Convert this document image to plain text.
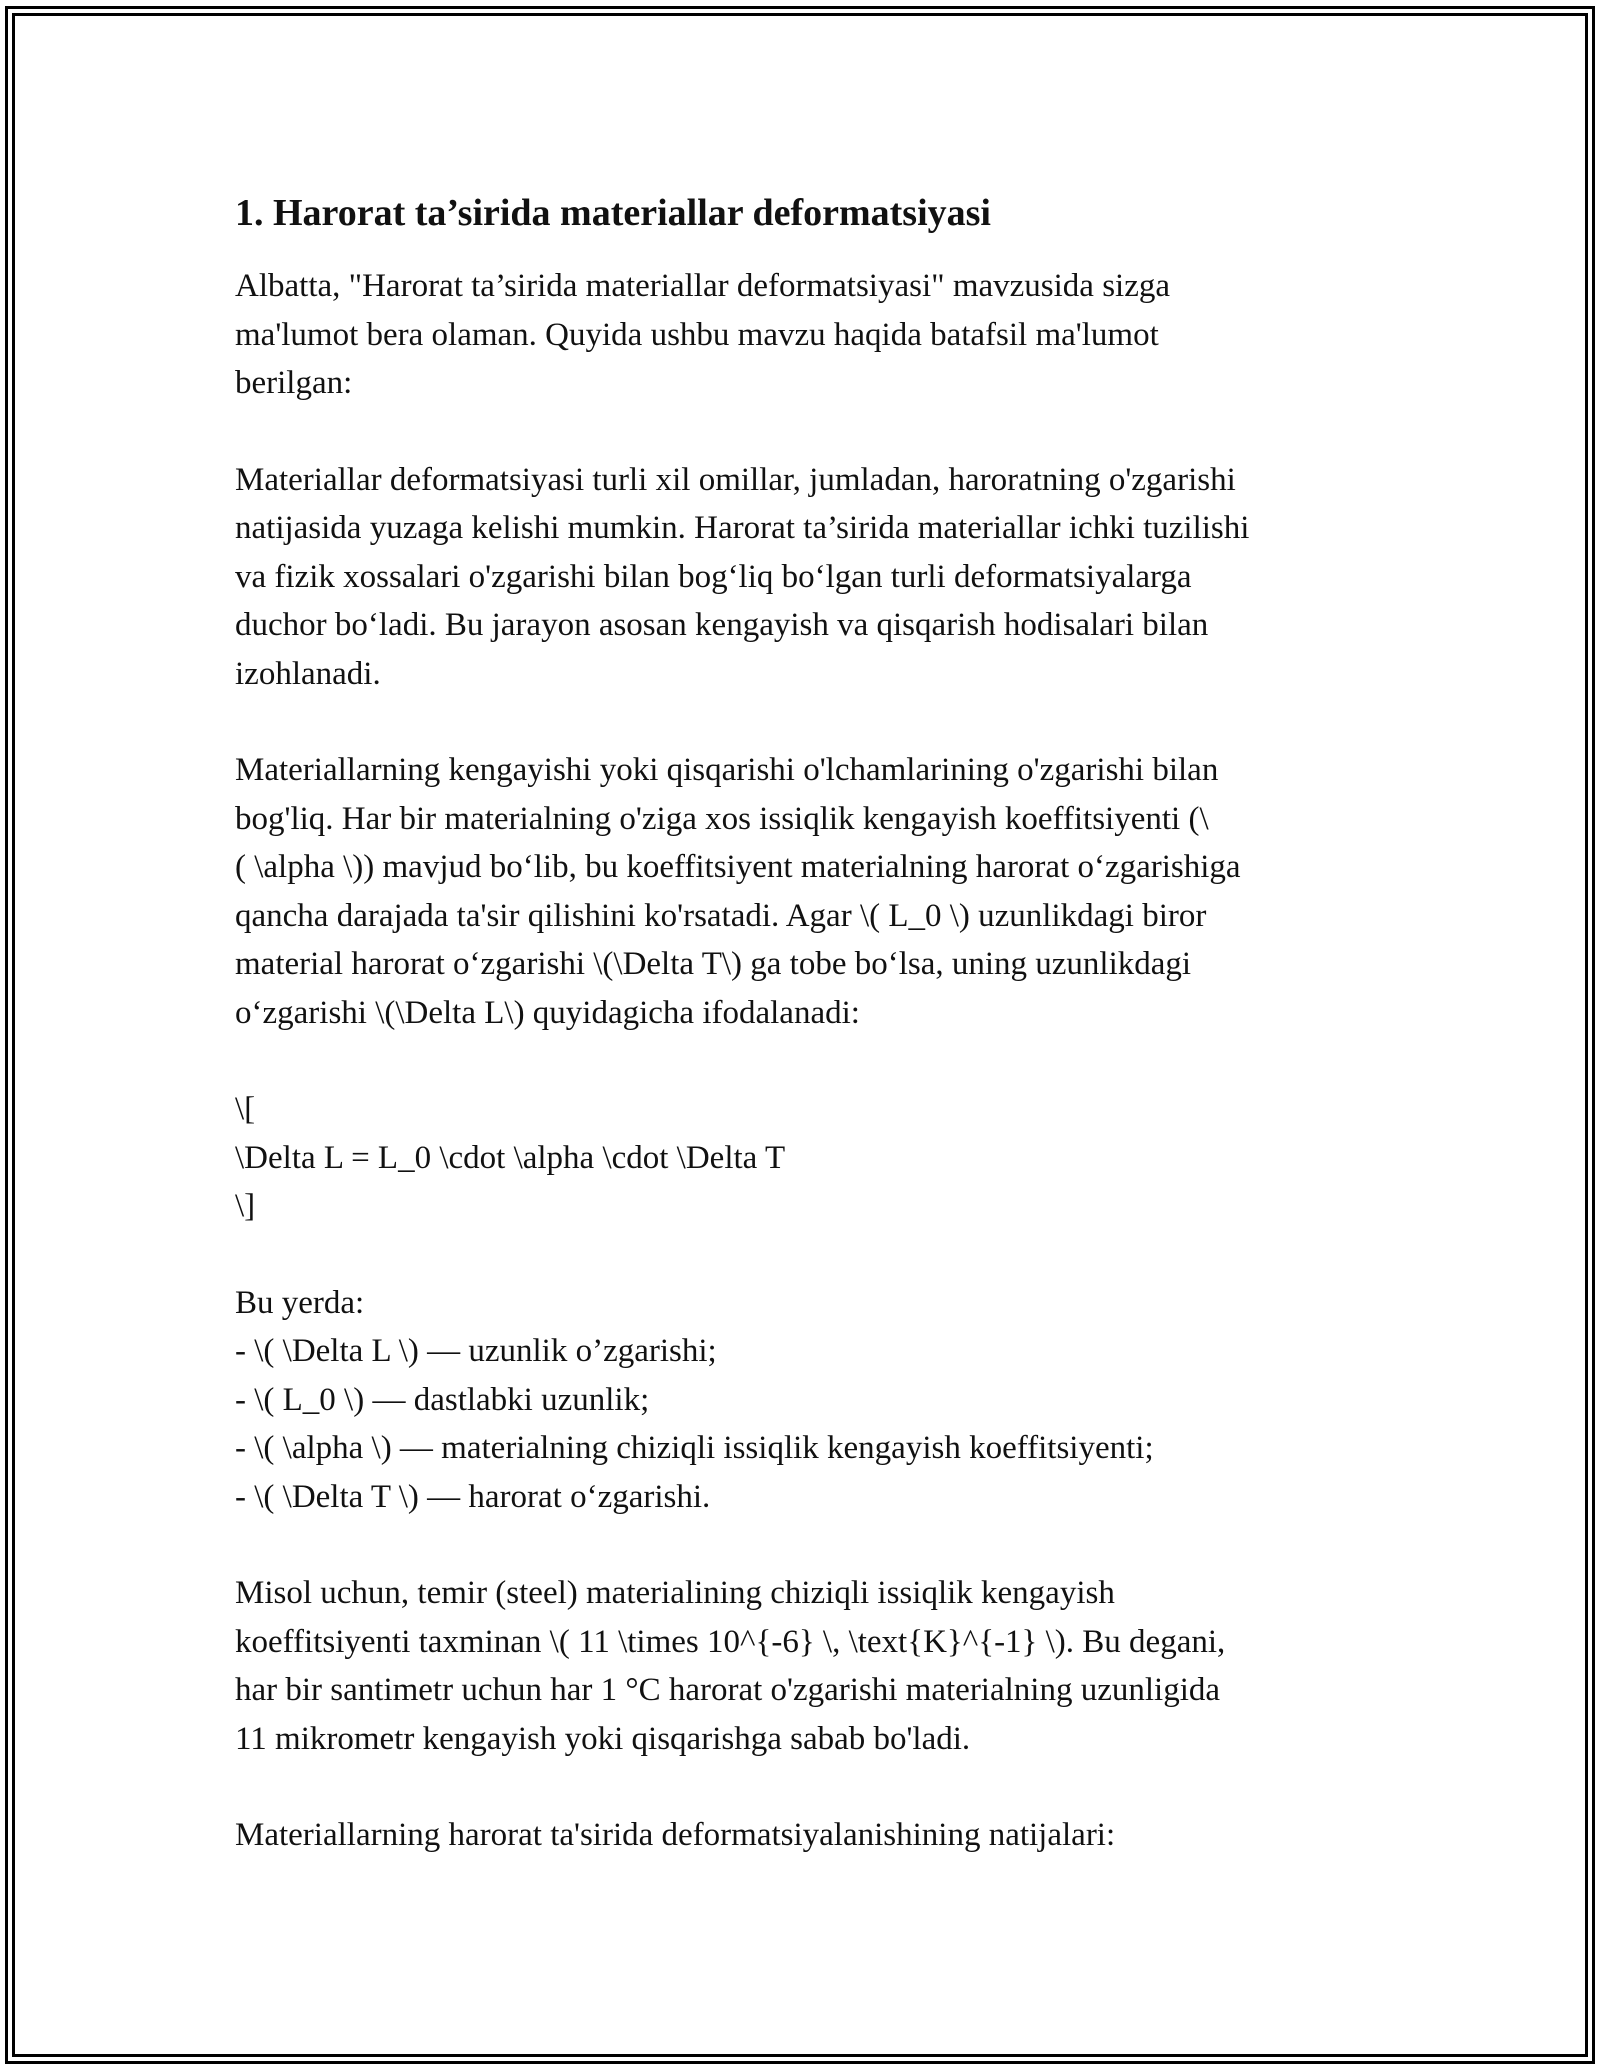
1. Harorat ta’sirida materiallar deformatsiyasi

Albatta, "Harorat ta’sirida materiallar deformatsiyasi" mavzusida sizga
ma'lumot bera olaman. Quyida ushbu mavzu haqida batafsil ma'lumot
berilgan:

Materiallar deformatsiyasi turli xil omillar, jumladan, haroratning o'zgarishi
natijasida yuzaga kelishi mumkin. Harorat ta’sirida materiallar ichki tuzilishi
va fizik xossalari o'zgarishi bilan bog‘liq bo‘lgan turli deformatsiyalarga
duchor bo‘ladi. Bu jarayon asosan kengayish va qisqarish hodisalari bilan
izohlanadi.

Materiallarning kengayishi yoki qisqarishi o'lchamlarining o'zgarishi bilan
bog'liq. Har bir materialning o'ziga xos issiqlik kengayish koeffitsiyenti (\
( \alpha \)) mavjud bo‘lib, bu koeffitsiyent materialning harorat o‘zgarishiga
qancha darajada ta'sir qilishini ko'rsatadi. Agar \( L_0 \) uzunlikdagi biror
material harorat o‘zgarishi \(\Delta T\) ga tobe bo‘lsa, uning uzunlikdagi
o‘zgarishi \(\Delta L\) quyidagicha ifodalanadi:

\[
\Delta L = L_0 \cdot \alpha \cdot \Delta T
\]
Bu yerda:
- \( \Delta L \) — uzunlik o’zgarishi;
- \( L_0 \) — dastlabki uzunlik;
- \( \alpha \) — materialning chiziqli issiqlik kengayish koeffitsiyenti;
- \( \Delta T \) — harorat o‘zgarishi.

Misol uchun, temir (steel) materialining chiziqli issiqlik kengayish
koeffitsiyenti taxminan \( 11 \times 10^{-6} \, \text{K}^{-1} \). Bu degani,
har bir santimetr uchun har 1 °C harorat o'zgarishi materialning uzunligida
11 mikrometr kengayish yoki qisqarishga sabab bo'ladi.

Materiallarning harorat ta'sirida deformatsiyalanishining natijalari:
